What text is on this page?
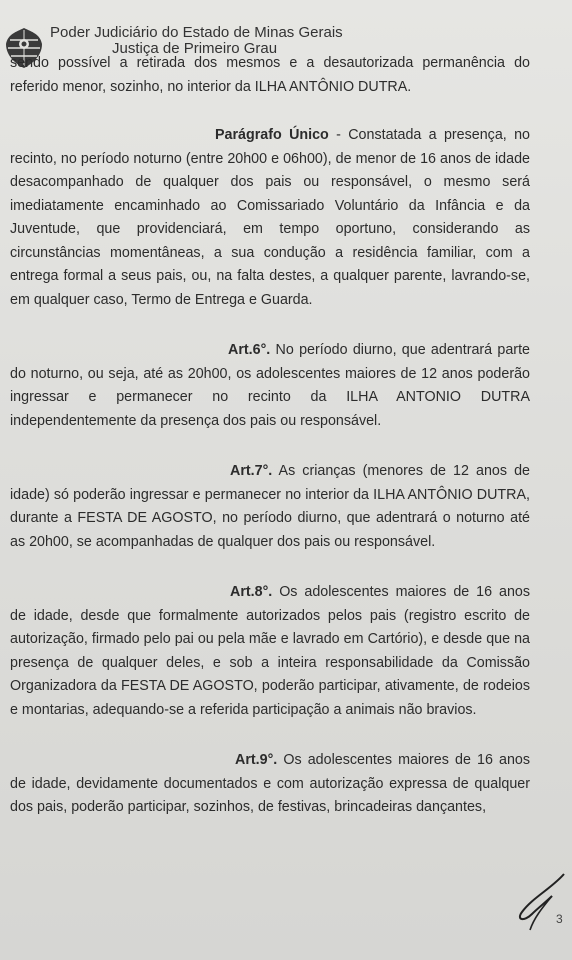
Poder Judiciário do Estado de Minas Gerais
Justiça de Primeiro Grau

sendo possível a retirada dos mesmos e a desautorizada permanência do referido menor, sozinho, no interior da ILHA ANTÔNIO DUTRA.

Parágrafo Único - Constatada a presença, no recinto, no período noturno (entre 20h00 e 06h00), de menor de 16 anos de idade desacompanhado de qualquer dos pais ou responsável, o mesmo será imediatamente encaminhado ao Comissariado Voluntário da Infância e da Juventude, que providenciará, em tempo oportuno, considerando as circunstâncias momentâneas, a sua condução a residência familiar, com a entrega formal a seus pais, ou, na falta destes, a qualquer parente, lavrando-se, em qualquer caso, Termo de Entrega e Guarda.

Art.6°. No período diurno, que adentrará parte do noturno, ou seja, até as 20h00, os adolescentes maiores de 12 anos poderão ingressar e permanecer no recinto da ILHA ANTONIO DUTRA independentemente da presença dos pais ou responsável.

Art.7°. As crianças (menores de 12 anos de idade) só poderão ingressar e permanecer no interior da ILHA ANTÔNIO DUTRA, durante a FESTA DE AGOSTO, no período diurno, que adentrará o noturno até as 20h00, se acompanhadas de qualquer dos pais ou responsável.

Art.8°. Os adolescentes maiores de 16 anos de idade, desde que formalmente autorizados pelos pais (registro escrito de autorização, firmado pelo pai ou pela mãe e lavrado em Cartório), e desde que na presença de qualquer deles, e sob a inteira responsabilidade da Comissão Organizadora da FESTA DE AGOSTO, poderão participar, ativamente, de rodeios e montarias, adequando-se a referida participação a animais não bravios.

Art.9°. Os adolescentes maiores de 16 anos de idade, devidamente documentados e com autorização expressa de qualquer dos pais, poderão participar, sozinhos, de festivas, brincadeiras dançantes,

3
